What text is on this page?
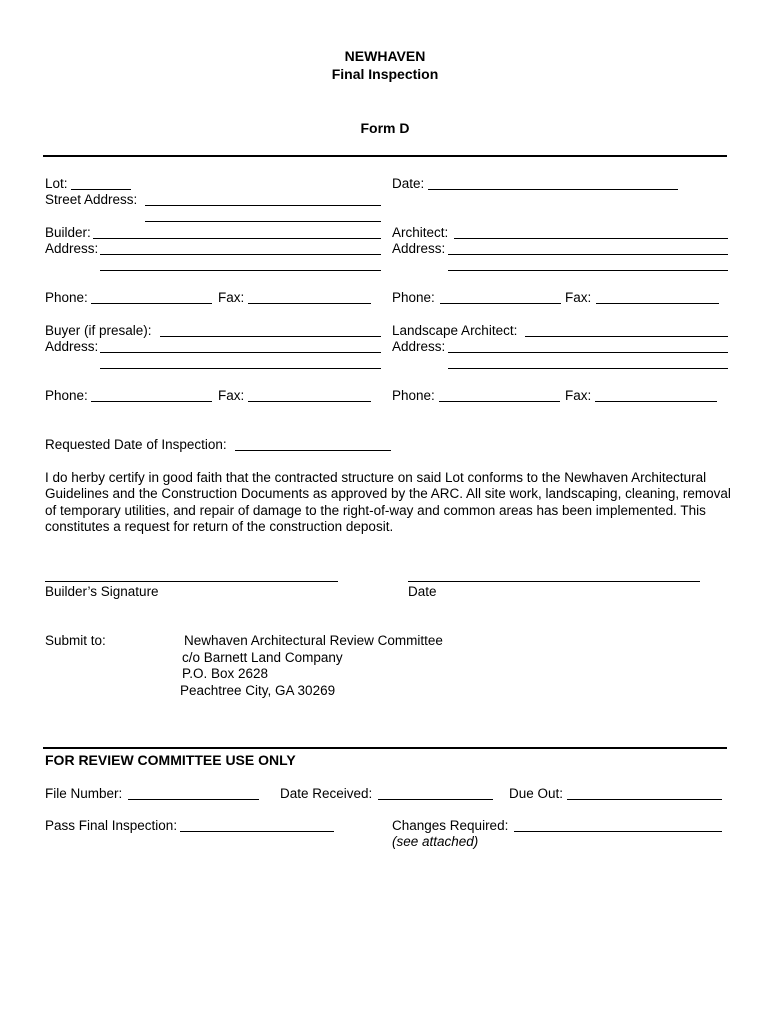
NEWHAVEN
Final Inspection
Form D
Lot:	Date:
Street Address:
Builder:
Address:
Architect:
Address:
Phone:	Fax:	Phone:	Fax:
Buyer (if presale):
Address:
Landscape Architect:
Address:
Phone:	Fax:	Phone:	Fax:
Requested Date of Inspection:
I do herby certify in good faith that the contracted structure on said Lot conforms to the Newhaven Architectural Guidelines and the Construction Documents as approved by the ARC. All site work, landscaping, cleaning, removal of temporary utilities, and repair of damage to the right-of-way and common areas has been implemented. This constitutes a request for return of the construction deposit.
Builder’s Signature	Date
Submit to:	Newhaven Architectural Review Committee
c/o Barnett Land Company
P.O. Box 2628
Peachtree City, GA 30269
FOR REVIEW COMMITTEE USE ONLY
File Number:	Date Received:	Due Out:
Pass Final Inspection:	Changes Required:
(see attached)
